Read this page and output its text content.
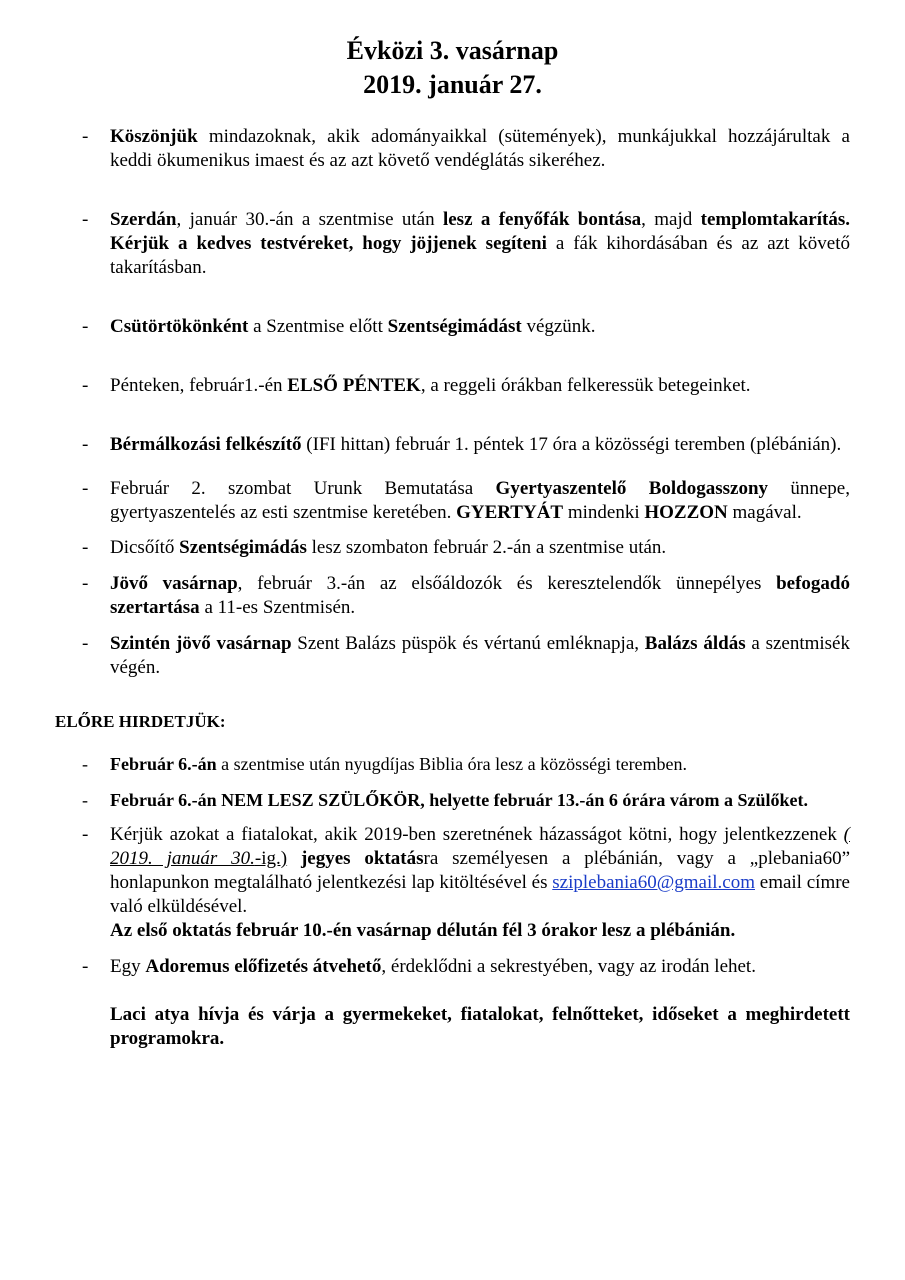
Évközi 3. vasárnap
2019. január 27.
- Köszönjük mindazoknak, akik adományaikkal (sütemények), munkájukkal hozzájárultak a keddi ökumenikus imaest és az azt követő vendéglátás sikeréhez.
- Szerdán, január 30.-án a szentmise után lesz a fenyőfák bontása, majd templomtakarítás. Kérjük a kedves testvéreket, hogy jöjjenek segíteni a fák kihordásában és az azt követő takarításban.
- Csütörtökönként a Szentmise előtt Szentségimádást végzünk.
- Pénteken, február1.-én ELSŐ PÉNTEK, a reggeli órákban felkeressük betegeinket.
- Bérmálkozási felkészítő (IFI hittan) február 1. péntek 17 óra a közösségi teremben (plébánián).
- Február 2. szombat Urunk Bemutatása Gyertyaszentelő Boldogasszony ünnepe, gyertyaszentelés az esti szentmise keretében. GYERTYÁT mindenki HOZZON magával.
- Dicsőítő Szentségimádás lesz szombaton február 2.-án a szentmise után.
- Jövő vasárnap, február 3.-án az elsőáldozók és keresztelendők ünnepélyes befogadó szertartása a 11-es Szentmisén.
- Szintén jövő vasárnap Szent Balázs püspök és vértanú emléknapja, Balázs áldás a szentmisék végén.
ELŐRE HIRDETJÜK:
- Február 6.-án a szentmise után nyugdíjas Biblia óra lesz a közösségi teremben.
- Február 6.-án NEM LESZ SZÜLŐKÖR, helyette február 13.-án 6 órára várom a Szülőket.
- Kérjük azokat a fiatalokat, akik 2019-ben szeretnének házasságot kötni, hogy jelentkezzenek ( 2019. január 30.-ig.) jegyes oktatásra személyesen a plébánián, vagy a „plebania60” honlapunkon megtalálható jelentkezési lap kitöltésével és sziplebania60@gmail.com email címre való elküldésével.
Az első oktatás február 10.-én vasárnap délután fél 3 órakor lesz a plébánián.
- Egy Adoremus előfizetés átvehető, érdeklődni a sekrestyében, vagy az irodán lehet.
Laci atya hívja és várja a gyermekeket, fiatalokat, felnőtteket, időseket a meghirdetett programokra.
